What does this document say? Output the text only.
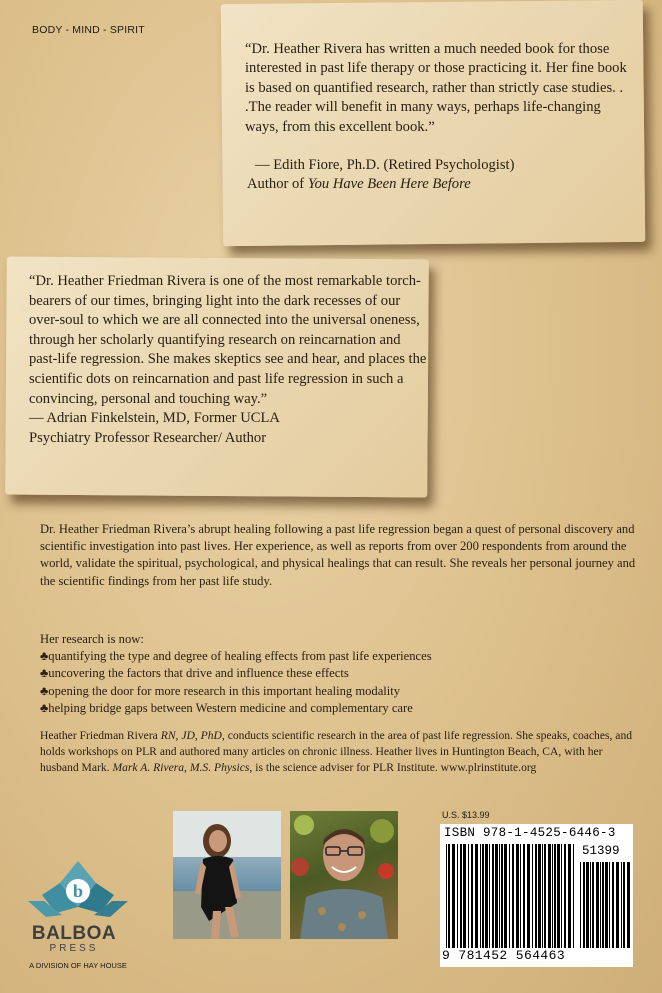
BODY - MIND - SPIRIT

“Dr. Heather Rivera has written a much needed book for those interested in past life therapy or those practicing it. Her fine book is based on quantified research, rather than strictly case studies. . .The reader will benefit in many ways, perhaps life-changing ways, from this excellent book.”

— Edith Fiore, Ph.D. (Retired Psychologist)

Author of You Have Been Here Before

“Dr. Heather Friedman Rivera is one of the most remarkable torch-bearers of our times, bringing light into the dark recesses of our over-soul to which we are all connected into the universal oneness, through her scholarly quantifying research on reincarnation and past-life regression. She makes skeptics see and hear, and places the scientific dots on reincarnation and past life regression in such a convincing, personal and touching way.”

— Adrian Finkelstein, MD, Former UCLA

Psychiatry Professor Researcher/ Author

Dr. Heather Friedman Rivera’s abrupt healing following a past life regression began a quest of personal discovery and scientific investigation into past lives. Her experience, as well as reports from over 200 respondents from around the world, validate the spiritual, psychological, and physical healings that can result. She reveals her personal journey and the scientific findings from her past life study.

Her research is now:

♣ quantifying the type and degree of healing effects from past life experiences
♣ uncovering the factors that drive and influence these effects
♣ opening the door for more research in this important healing modality
♣ helping bridge gaps between Western medicine and complementary care
Heather Friedman Rivera RN, JD, PhD, conducts scientific research in the area of past life regression. She speaks, coaches, and holds workshops on PLR and authored many articles on chronic illness. Heather lives in Huntington Beach, CA, with her husband Mark. Mark A. Rivera, M.S. Physics, is the science adviser for PLR Institute. www.plrinstitute.org
b
BALBOA
PRESS
A DIVISION OF HAY HOUSE
U.S. $13.99
ISBN 978-1-4525-6446-3
51399
9 781452 564463
